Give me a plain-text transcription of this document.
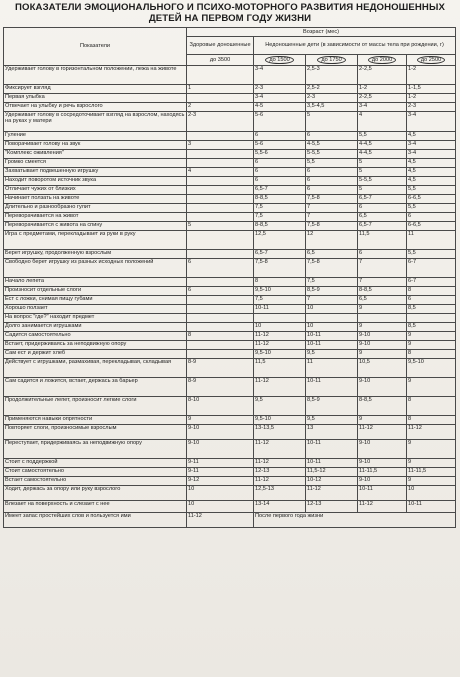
ПОКАЗАТЕЛИ ЭМОЦИОНАЛЬНОГО И ПСИХО-МОТОРНОГО РАЗВИТИЯ НЕДОНОШЕННЫХ ДЕТЕЙ НА ПЕРВОМ ГОДУ ЖИЗНИ
Показатели	Возраст (мес)				
	Здоровые доношенные	Недоношенные дети (в зависимости от массы тела при рождении, г)			
	до 3500	до 1500	до 1750	до 2000	до 2500
Удерживает голову в горизонтальном положении, лежа на животе		3-4	2,5-3	2-2,5	1-2
Фиксирует взгляд	1	2-3	2,5-2	1-2	1-1,5
Первая улыбка		3-4	2-3	2-2,5	1-2
Отвечает на улыбку и речь взрослого	2	4-5	3,5-4,5	3-4	2-3
Удерживает голову в сосредоточивает взгляд на взрослом, находясь на руках у матери	2-3	5-6	5	4	3-4
Гуление		6	6	5,5	4,5
Поворачивает голову на звук	3	5-6	4-5,5	4-4,5	3-4
"Комплекс оживления"		5,5-6	5-5,5	4-4,5	3-4
Громко смеется		6	5,5	5	4,5
Захватывает подвешенную игрушку	4	6	6	5	4,5
Находит поворотом источник звука		6	6	5-5,5	4,5
Отличает чужих от близких		6,5-7	6	5	5,5
Начинает ползать на животе		8-8,5	7,5-8	6,5-7	6-6,5
Длительно и разнообразно гулит		7,5	7	6	5,5
Переворачивается на живот		7,5	7	6,5	6
Переворачивается с живота на спину	5	8-8,5	7,5-8	6,5-7	6-6,5
Игра с предметами, перекладывает из руки в руку		12,5	12	11,5	11
Берет игрушку, продолженную взрослым		6,5-7	6,5	6	5,5
Свободно берет игрушку из разных исходных положений	6	7,5-8	7,5-8	7	6-7
Начало лепета		8	7,5	7	6-7
Произносит отдельные слоги	6	9,5-10	8,5-9	8-8,5	8
Ест с ложки, снимая пищу губами		7,5	7	6,5	6
Хорошо ползает		10-11	10	9	8,5
На вопрос "где?" находит предмет					
Долго занимается игрушками		10	10	9	8,5
Садится самостоятельно	8	11-12	10-11	9-10	9
Встает, придерживаясь за неподвижную опору		11-12	10-11	9-10	9
Сам ест и держит хлеб		9,5-10	9,5	9	8
Действует с игрушками, размахивая, перекладывая, складывая	8-9	11,5	11	10,5	9,5-10
Сам садится и ложится, встает, держась за барьер	8-9	11-12	10-11	9-10	9
Продолжительные лепет, произносит легкие слоги	8-10	9,5	8,5-9	8-8,5	8
Применяются навыки опрятности	9	9,5-10	9,5	9	8
Повторяет слоги, произносимые взрослым	9-10	13-13,5	13	11-12	11-12
Переступает, придерживаясь за неподвижную опору	9-10	11-12	10-11	9-10	9
Стоит с поддержкой	9-11	11-12	10-11	9-10	9
Стоит самостоятельно	9-11	12-13	11,5-12	11-11,5	11-11,5
Встает самостоятельно	9-12	11-12	10-12	9-10	9
Ходит, держась за опору или руку взрослого	10	12,5-13	11-12	10-11	10
Влезает на поверхность и слезает с нее	10	13-14	12-13	11-12	10-11
Имеет запас простейших слов и пользуется ими	11-12	После первого года жизни			
